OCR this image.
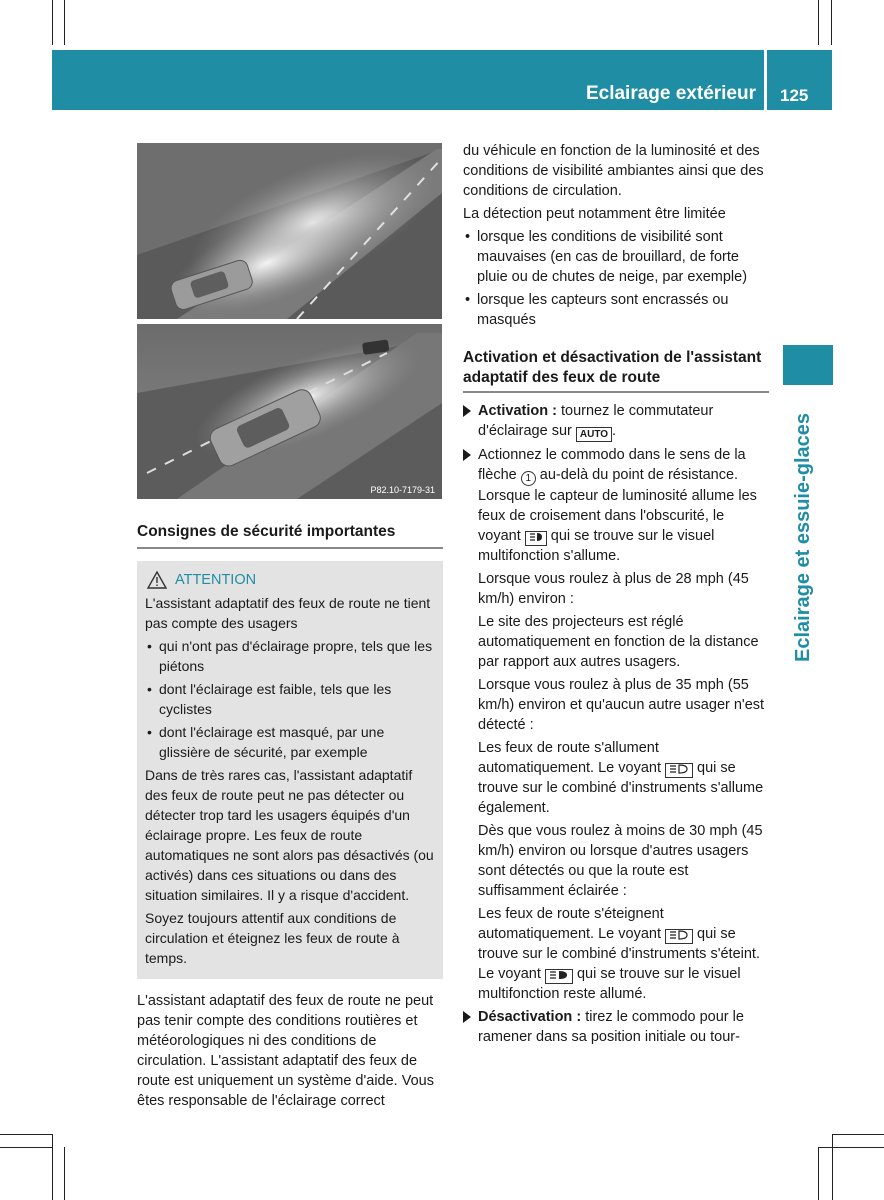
Eclairage extérieur 125
Eclairage et essuie-glaces
P82.10-7179-31
Consignes de sécurité importantes
ATTENTION
L'assistant adaptatif des feux de route ne tient pas compte des usagers
• qui n'ont pas d'éclairage propre, tels que les piétons
• dont l'éclairage est faible, tels que les cyclistes
• dont l'éclairage est masqué, par une glissière de sécurité, par exemple
Dans de très rares cas, l'assistant adaptatif des feux de route peut ne pas détecter ou détecter trop tard les usagers équipés d'un éclairage propre. Les feux de route automatiques ne sont alors pas désactivés (ou activés) dans ces situations ou dans des situation similaires. Il y a risque d'accident.
Soyez toujours attentif aux conditions de circulation et éteignez les feux de route à temps.
L'assistant adaptatif des feux de route ne peut pas tenir compte des conditions routières et météorologiques ni des conditions de circulation. L'assistant adaptatif des feux de route est uniquement un système d'aide. Vous êtes responsable de l'éclairage correct
du véhicule en fonction de la luminosité et des conditions de visibilité ambiantes ainsi que des conditions de circulation.
La détection peut notamment être limitée
• lorsque les conditions de visibilité sont mauvaises (en cas de brouillard, de forte pluie ou de chutes de neige, par exemple)
• lorsque les capteurs sont encrassés ou masqués
Activation et désactivation de l'assistant adaptatif des feux de route
Activation : tournez le commutateur d'éclairage sur AUTO .
Actionnez le commodo dans le sens de la flèche 1 au-delà du point de résistance. Lorsque le capteur de luminosité allume les feux de croisement dans l'obscurité, le voyant qui se trouve sur le visuel multifonction s'allume.
Lorsque vous roulez à plus de 28 mph (45 km/h) environ :
Le site des projecteurs est réglé automatiquement en fonction de la distance par rapport aux autres usagers.
Lorsque vous roulez à plus de 35 mph (55 km/h) environ et qu'aucun autre usager n'est détecté :
Les feux de route s'allument automatiquement. Le voyant qui se trouve sur le combiné d'instruments s'allume également.
Dès que vous roulez à moins de 30 mph (45 km/h) environ ou lorsque d'autres usagers sont détectés ou que la route est suffisamment éclairée :
Les feux de route s'éteignent automatiquement. Le voyant qui se trouve sur le combiné d'instruments s'éteint. Le voyant qui se trouve sur le visuel multifonction reste allumé.
Désactivation : tirez le commodo pour le ramener dans sa position initiale ou tour-
